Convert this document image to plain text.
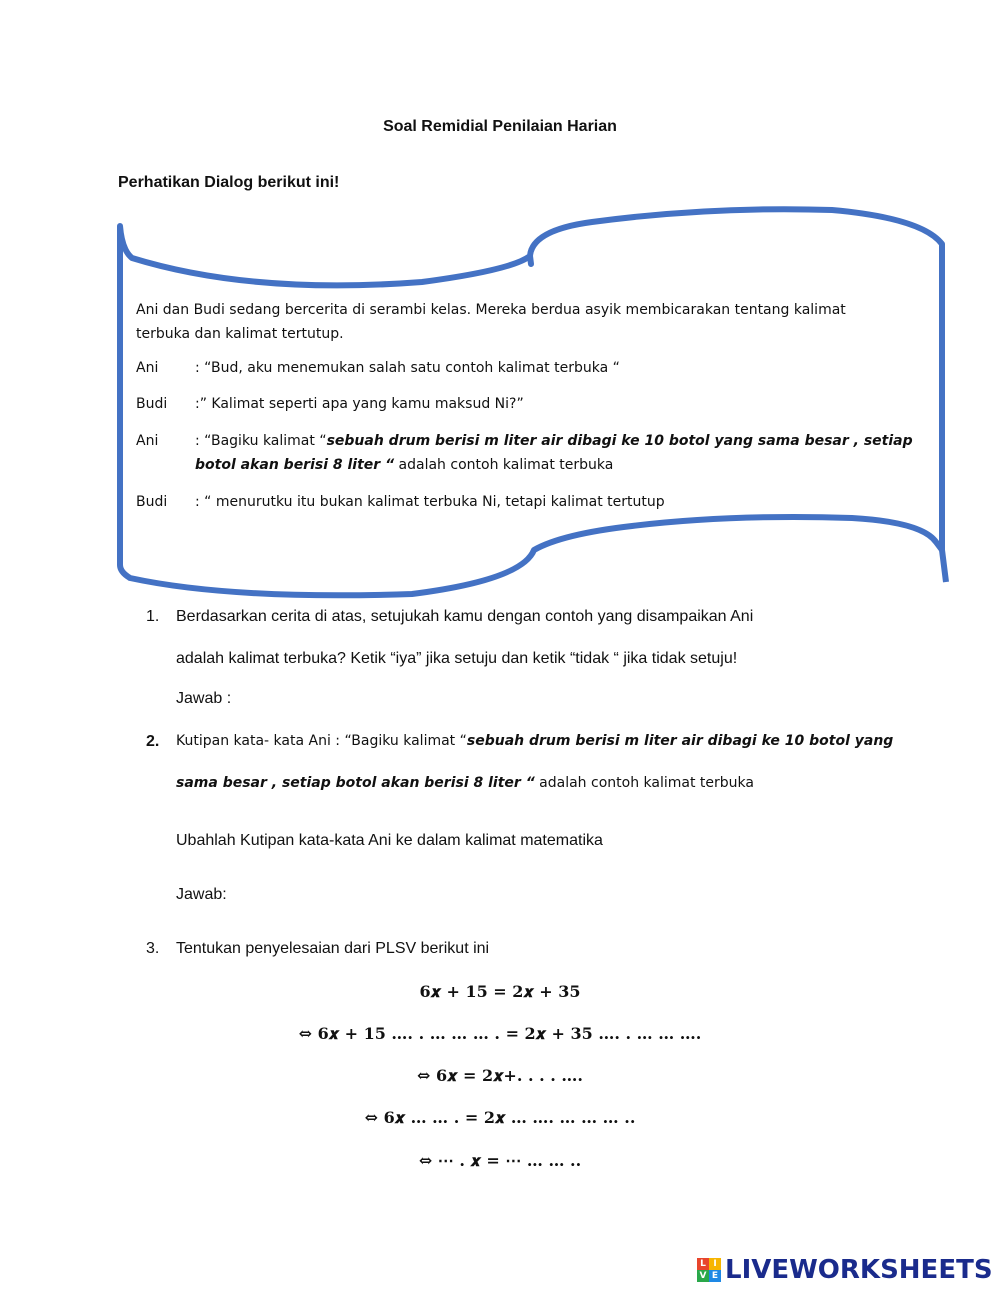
Soal Remidial Penilaian Harian
Perhatikan Dialog berikut ini!
Ani dan Budi sedang bercerita di serambi kelas. Mereka berdua asyik membicarakan tentang kalimat terbuka dan kalimat tertutup.
Ani	: “Bud, aku menemukan salah satu contoh kalimat terbuka “
Budi :” Kalimat seperti apa yang kamu maksud Ni?”
Ani	: “Bagiku kalimat “sebuah drum berisi m liter air dibagi ke 10 botol yang sama besar , setiap botol akan berisi 8 liter “ adalah contoh kalimat terbuka
Budi : “ menurutku itu bukan kalimat terbuka Ni, tetapi kalimat tertutup
1. Berdasarkan cerita di atas, setujukah kamu dengan contoh yang disampaikan Ani
adalah kalimat terbuka? Ketik “iya” jika setuju dan ketik “tidak “ jika tidak setuju!
Jawab :
2. Kutipan kata- kata Ani : “Bagiku kalimat “sebuah drum berisi m liter air dibagi ke 10 botol yang
sama besar , setiap botol akan berisi 8 liter “ adalah contoh kalimat terbuka
Ubahlah Kutipan kata-kata Ani ke dalam kalimat matematika
Jawab:
3. Tentukan penyelesaian dari PLSV berikut ini
6𝒙 + 𝟏𝟓 = 𝟐𝒙 + 𝟑𝟓
⇔ 6𝒙 + 𝟏𝟓 …. . … … … . = 𝟐𝒙 + 𝟑𝟓 …. . … … ….
⇔ 6𝒙 = 𝟐𝒙+. . . . ….
⇔ 6𝒙 … … . = 𝟐𝒙 … …. … … … ..
⇔ ⋯ . 𝒙 = ⋯ … … ..
L I
V E LIVEWORKSHEETS
